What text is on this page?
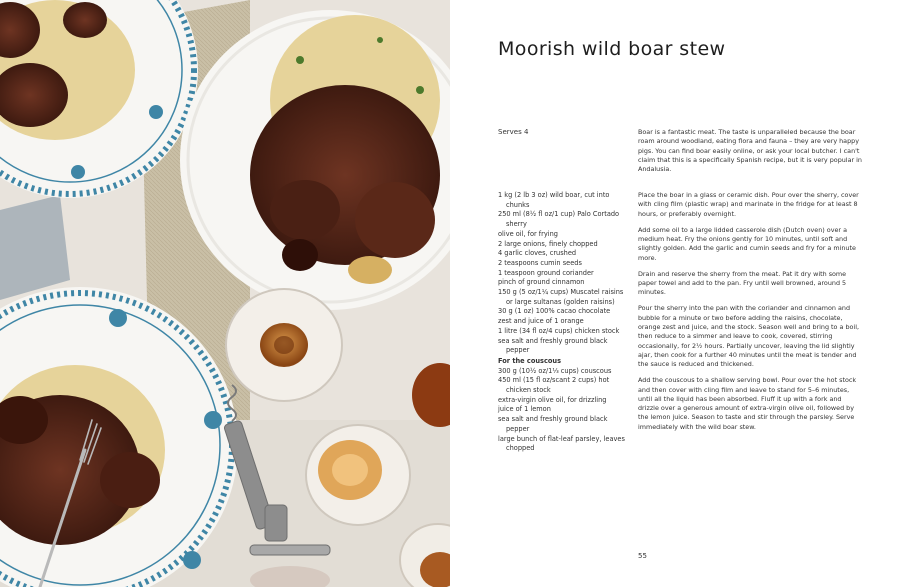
Moorish wild boar stew
Serves 4	Boar is a fantastic meat. The taste is unparalleled because the boar roam around woodland, eating flora and fauna – they are very happy pigs. You can find boar easily online, or ask your local butcher. I can't claim that this is a specifically Spanish recipe, but it is very popular in Andalusia.

1 kg (2 lb 3 oz) wild boar, cut into chunks
250 ml (8½ fl oz/1 cup) Palo Cortado sherry
olive oil, for frying
2 large onions, finely chopped
4 garlic cloves, crushed
2 teaspoons cumin seeds
1 teaspoon ground coriander
pinch of ground cinnamon
150 g (5 oz/1¼ cups) Muscatel raisins or large sultanas (golden raisins)
30 g (1 oz) 100% cacao chocolate
zest and juice of 1 orange
1 litre (34 fl oz/4 cups) chicken stock
sea salt and freshly ground black pepper
For the couscous
300 g (10½ oz/1⅓ cups) couscous
450 ml (15 fl oz/scant 2 cups) hot chicken stock
extra-virgin olive oil, for drizzling
juice of 1 lemon
sea salt and freshly ground black pepper
large bunch of flat-leaf parsley, leaves chopped

Place the boar in a glass or ceramic dish. Pour over the sherry, cover with cling film (plastic wrap) and marinate in the fridge for at least 8 hours, or preferably overnight.

Add some oil to a large lidded casserole dish (Dutch oven) over a medium heat. Fry the onions gently for 10 minutes, until soft and slightly golden. Add the garlic and cumin seeds and fry for a minute more.

Drain and reserve the sherry from the meat. Pat it dry with some paper towel and add to the pan. Fry until well browned, around 5 minutes.

Pour the sherry into the pan with the coriander and cinnamon and bubble for a minute or two before adding the raisins, chocolate, orange zest and juice, and the stock. Season well and bring to a boil, then reduce to a simmer and leave to cook, covered, stirring occasionally, for 2½ hours. Partially uncover, leaving the lid slightly ajar, then cook for a further 40 minutes until the meat is tender and the sauce is reduced and thickened.

Add the couscous to a shallow serving bowl. Pour over the hot stock and then cover with cling film and leave to stand for 5–6 minutes, until all the liquid has been absorbed. Fluff it up with a fork and drizzle over a generous amount of extra-virgin olive oil, followed by the lemon juice. Season to taste and stir through the parsley. Serve immediately with the wild boar stew.

55
